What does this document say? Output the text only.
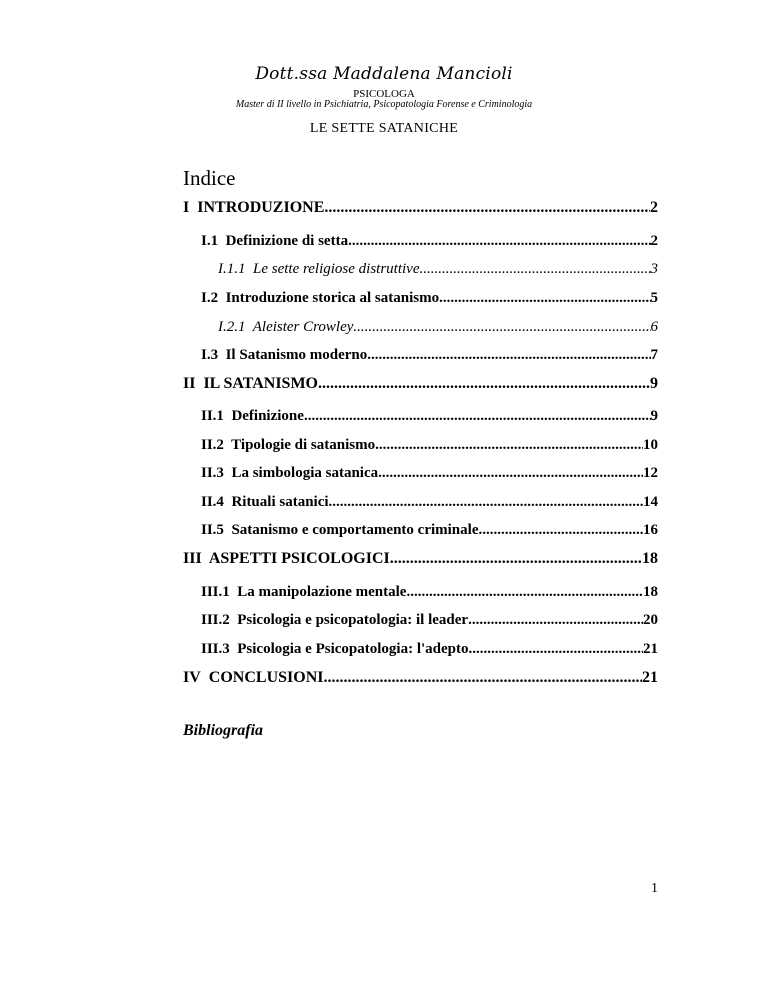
Dott.ssa Maddalena Mancioli
PSICOLOGA
Master di II livello in Psichiatria, Psicopatologia Forense e Criminologia
LE SETTE SATANICHE
Indice
I INTRODUZIONE .....	2
I.1 Definizione di setta .....	2
I.1.1 Le sette religiose distruttive .....	3
I.2 Introduzione storica al satanismo .....	5
I.2.1 Aleister Crowley .....	6
I.3 Il Satanismo moderno .....	7
II IL SATANISMO .....	9
II.1 Definizione .....	9
II.2 Tipologie di satanismo .....	10
II.3 La simbologia satanica .....	12
II.4 Rituali satanici .....	14
II.5 Satanismo e comportamento criminale .....	16
III ASPETTI PSICOLOGICI .....	18
III.1 La manipolazione mentale .....	18
III.2 Psicologia e psicopatologia: il leader .....	20
III.3 Psicologia e Psicopatologia: l'adepto .....	21
IV CONCLUSIONI .....	21
Bibliografia
1
